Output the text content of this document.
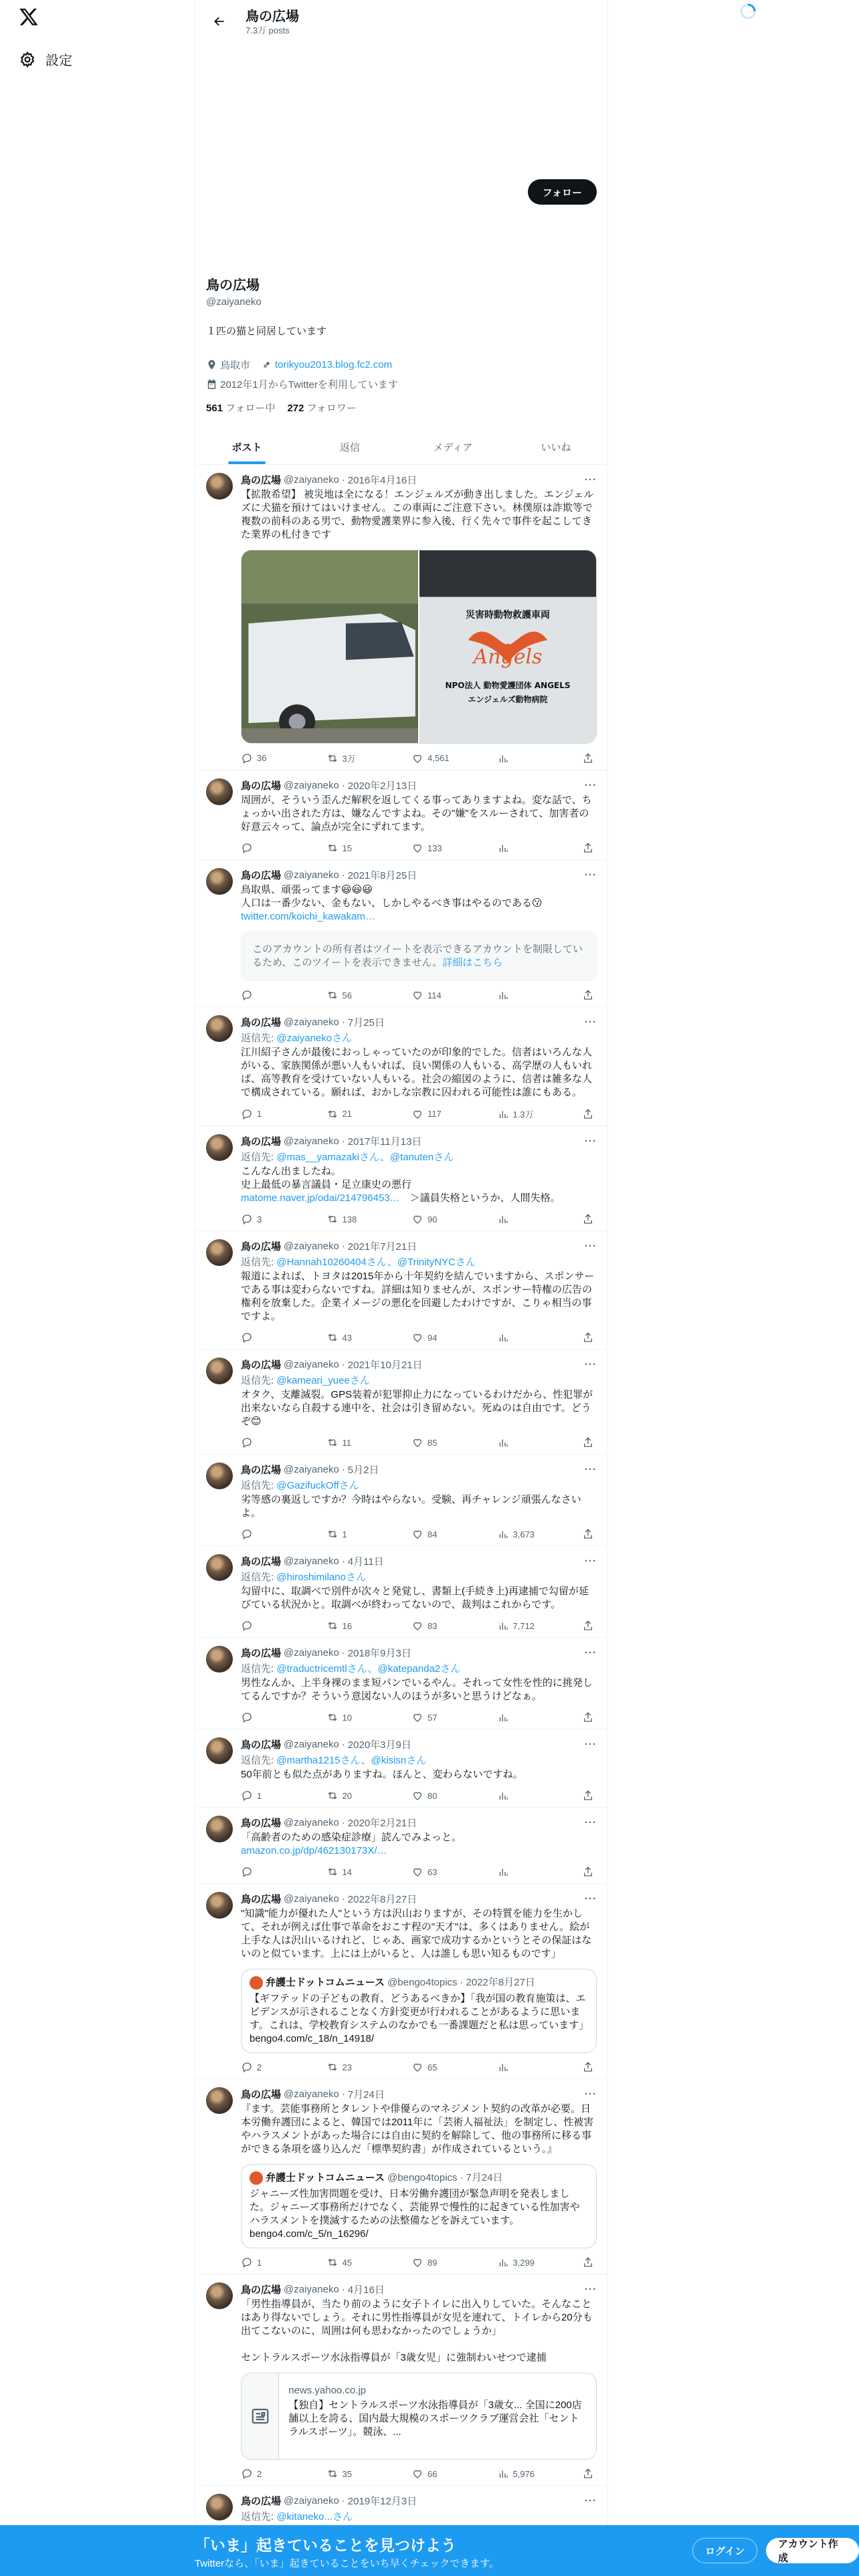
設定
鳥の広場
7.3万 posts
フォロー
鳥の広場
@zaiyaneko
１匹の猫と同居しています
鳥取市 torikyou2013.blog.fc2.com
2012年1月からTwitterを利用しています
561 フォロー中 272 フォロワー
ポスト	返信	メディア	いいね
鳥の広場 @zaiyaneko · 2016年4月16日	···
【拡散希望】 被災地は全になる！エンジェルズが動き出しました。エンジェルズに犬猫を預けてはいけません。この車両にご注意下さい。林僕原は詐欺等で複数の前科のある男で、動物愛護業界に参入後、行く先々で事件を起こしてきた業界の札付きです
災害時動物救護車両
Angels
NPO法人 動物愛護団体 ANGELS
エンジェルズ動物病院
36	3万	4,561
鳥の広場 @zaiyaneko · 2020年2月13日	···
周囲が、そういう歪んだ解釈を返してくる事ってありますよね。変な話で、ちょっかい出された方は、嫌なんですよね。その"嫌"をスルーされて、加害者の好意云々って、論点が完全にずれてます。
15	133
鳥の広場 @zaiyaneko · 2021年8月25日	···
鳥取県、頑張ってます😃😃😃
人口は一番少ない、金もない、しかしやるべき事はやるのである😗
twitter.com/koichi_kawakam…
このアカウントの所有者はツイートを表示できるアカウントを制限しているため、このツイートを表示できません。詳細はこちら
56	114
鳥の広場 @zaiyaneko · 7月25日	···
返信先: @zaiyanekoさん
江川紹子さんが最後におっしゃっていたのが印象的でした。信者はいろんな人がいる、家族関係が悪い人もいれば、良い関係の人もいる、高学歴の人もいれば、高等教育を受けていない人もいる。社会の縮図のように、信者は雑多な人で構成されている。願れば、おかしな宗教に囚われる可能性は誰にもある。
1	21	117	1.3万
鳥の広場 @zaiyaneko · 2017年11月13日	···
返信先: @mas__yamazakiさん、@tanutenさん
こんなん出ましたね。
史上最低の暴言議員・足立康史の悪行
matome.naver.jp/odai/214796453…　＞議員失格というか、人間失格。
3	138	90
鳥の広場 @zaiyaneko · 2021年7月21日	···
返信先: @Hannah10260404さん、@TrinityNYCさん
報道によれば、トヨタは2015年から十年契約を結んでいますから、スポンサーである事は変わらないですね。詳細は知りませんが、スポンサー特権の広告の権利を放棄した。企業イメージの悪化を回避したわけですが、こりゃ相当の事ですよ。
43	94
鳥の広場 @zaiyaneko · 2021年10月21日	···
返信先: @kameari_yueeさん
オタク、支離滅裂。GPS装着が犯罪抑止力になっているわけだから、性犯罪が出来ないなら自殺する連中を、社会は引き留めない。死ぬのは自由です。どうぞ😊
11	85
鳥の広場 @zaiyaneko · 5月2日	···
返信先: @GazifuckOffさん
劣等感の裏返しですか？今時はやらない。受験、再チャレンジ頑張んなさいよ。
1	84	3,673
鳥の広場 @zaiyaneko · 4月11日	···
返信先: @hiroshimilanoさん
勾留中に、取調べで別件が次々と発覚し、書類上(手続き上)再逮捕で勾留が延びている状況かと。取調べが終わってないので、裁判はこれからです。
16	83	7,712
鳥の広場 @zaiyaneko · 2018年9月3日	···
返信先: @traductricemtlさん、@katepanda2さん
男性なんか、上半身裸のまま短パンでいるやん。それって女性を性的に挑発してるんですか？そういう意図ない人のほうが多いと思うけどなぁ。
10	57
鳥の広場 @zaiyaneko · 2020年3月9日	···
返信先: @martha1215さん、@kisisnさん
50年前とも似た点がありますね。ほんと、変わらないですね。
1	20	80
鳥の広場 @zaiyaneko · 2020年2月21日	···
「高齢者のための感染症診療」読んでみよっと。
amazon.co.jp/dp/462130173X/…
14	63
鳥の広場 @zaiyaneko · 2022年8月27日	···
"知識"能力が優れた人"という方は沢山おりますが、その特質を能力を生かして、それが例えば仕事で革命をおこす程の"天才"は、多くはありません。絵が上手な人は沢山いるけれど、じゃあ、画家で成功するかというとその保証はないのと似ています。上には上がいると、人は誰しも思い知るものです」
弁護士ドットコムニュース @bengo4topics · 2022年8月27日
【ギフテッドの子どもの教育、どうあるべきか】「我が国の教育施策は、エビデンスが示されることなく方針変更が行われることがあるように思います。これは、学校教育システムのなかでも一番課題だと私は思っています」bengo4.com/c_18/n_14918/
2	23	65
鳥の広場 @zaiyaneko · 7月24日	···
『ます。芸能事務所とタレントや俳優らのマネジメント契約の改革が必要。日本労働弁護団によると、韓国では2011年に「芸術人福祉法」を制定し、性被害やハラスメントがあった場合には自由に契約を解除して、他の事務所に移る事ができる条項を盛り込んだ「標準契約書」が作成されているという。』
弁護士ドットコムニュース @bengo4topics · 7月24日
ジャニーズ性加害問題を受け、日本労働弁護団が緊急声明を発表しました。ジャニーズ事務所だけでなく、芸能界で慢性的に起きている性加害やハラスメントを撲滅するための法整備などを訴えています。bengo4.com/c_5/n_16296/
1	45	89	3,299
鳥の広場 @zaiyaneko · 4月16日	···
「男性指導員が、当たり前のように女子トイレに出入りしていた。そんなことはあり得ないでしょう。それに男性指導員が女児を連れて、トイレから20分も出てこないのに、周囲は何も思わなかったのでしょうか」

セントラルスポーツ水泳指導員が「3歳女児」に強制わいせつで逮捕
news.yahoo.co.jp
【独自】セントラルスポーツ水泳指導員が「3歳女... 全国に200店舗以上を誇る、国内最大規模のスポーツクラブ運営会社「セントラルスポーツ」。競泳、...
2	35	66	5,976
鳥の広場 @zaiyaneko · 2019年12月3日	···
返信先: @kitaneko...さん
「いま」起きていることを見つけよう
Twitterなら、「いま」起きていることをいち早くチェックできます。
ログイン
アカウント作成
